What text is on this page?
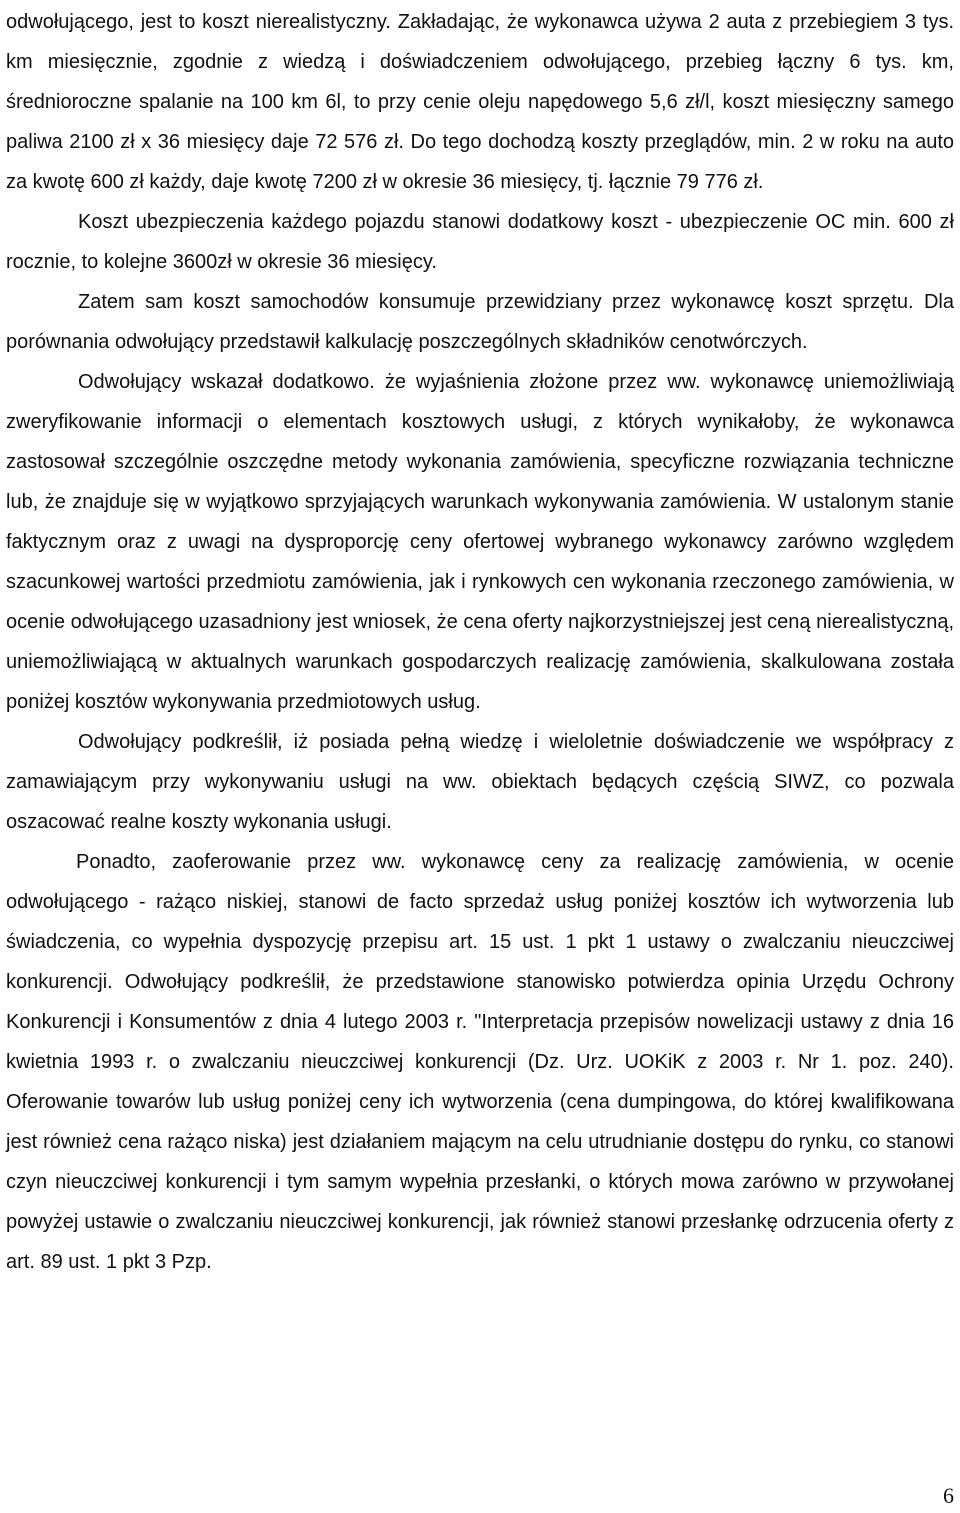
odwołującego, jest to koszt nierealistyczny. Zakładając, że wykonawca używa 2 auta z przebiegiem 3 tys. km miesięcznie, zgodnie z wiedzą i doświadczeniem odwołującego, przebieg łączny 6 tys. km, średnioroczne spalanie na 100 km 6l, to przy cenie oleju napędowego 5,6 zł/l, koszt miesięczny samego paliwa 2100 zł x 36 miesięcy daje 72 576 zł. Do tego dochodzą koszty przeglądów, min. 2 w roku na auto za kwotę 600 zł każdy, daje kwotę 7200 zł w okresie 36 miesięcy, tj. łącznie 79 776 zł.

Koszt ubezpieczenia każdego pojazdu stanowi dodatkowy koszt - ubezpieczenie OC min. 600 zł rocznie, to kolejne 3600zł w okresie 36 miesięcy.

Zatem sam koszt samochodów konsumuje przewidziany przez wykonawcę koszt sprzętu. Dla porównania odwołujący przedstawił kalkulację poszczególnych składników cenotwórczych.

Odwołujący wskazał dodatkowo. że wyjaśnienia złożone przez ww. wykonawcę uniemożliwiają zweryfikowanie informacji o elementach kosztowych usługi, z których wynikałoby, że wykonawca zastosował szczególnie oszczędne metody wykonania zamówienia, specyficzne rozwiązania techniczne lub, że znajduje się w wyjątkowo sprzyjających warunkach wykonywania zamówienia. W ustalonym stanie faktycznym oraz z uwagi na dysproporcję ceny ofertowej wybranego wykonawcy zarówno względem szacunkowej wartości przedmiotu zamówienia, jak i rynkowych cen wykonania rzeczonego zamówienia, w ocenie odwołującego uzasadniony jest wniosek, że cena oferty najkorzystniejszej jest ceną nierealistyczną, uniemożliwiającą w aktualnych warunkach gospodarczych realizację zamówienia, skalkulowana została poniżej kosztów wykonywania przedmiotowych usług.

Odwołujący podkreślił, iż posiada pełną wiedzę i wieloletnie doświadczenie we współpracy z zamawiającym przy wykonywaniu usługi na ww. obiektach będących częścią SIWZ, co pozwala oszacować realne koszty wykonania usługi.

Ponadto, zaoferowanie przez ww. wykonawcę ceny za realizację zamówienia, w ocenie odwołującego - rażąco niskiej, stanowi de facto sprzedaż usług poniżej kosztów ich wytworzenia lub świadczenia, co wypełnia dyspozycję przepisu art. 15 ust. 1 pkt 1 ustawy o zwalczaniu nieuczciwej konkurencji. Odwołujący podkreślił, że przedstawione stanowisko potwierdza opinia Urzędu Ochrony Konkurencji i Konsumentów z dnia 4 lutego 2003 r. "Interpretacja przepisów nowelizacji ustawy z dnia 16 kwietnia 1993 r. o zwalczaniu nieuczciwej konkurencji (Dz. Urz. UOKiK z 2003 r. Nr 1. poz. 240). Oferowanie towarów lub usług poniżej ceny ich wytworzenia (cena dumpingowa, do której kwalifikowana jest również cena rażąco niska) jest działaniem mającym na celu utrudnianie dostępu do rynku, co stanowi czyn nieuczciwej konkurencji i tym samym wypełnia przesłanki, o których mowa zarówno w przywołanej powyżej ustawie o zwalczaniu nieuczciwej konkurencji, jak również stanowi przesłankę odrzucenia oferty z art. 89 ust. 1 pkt 3 Pzp.

6
